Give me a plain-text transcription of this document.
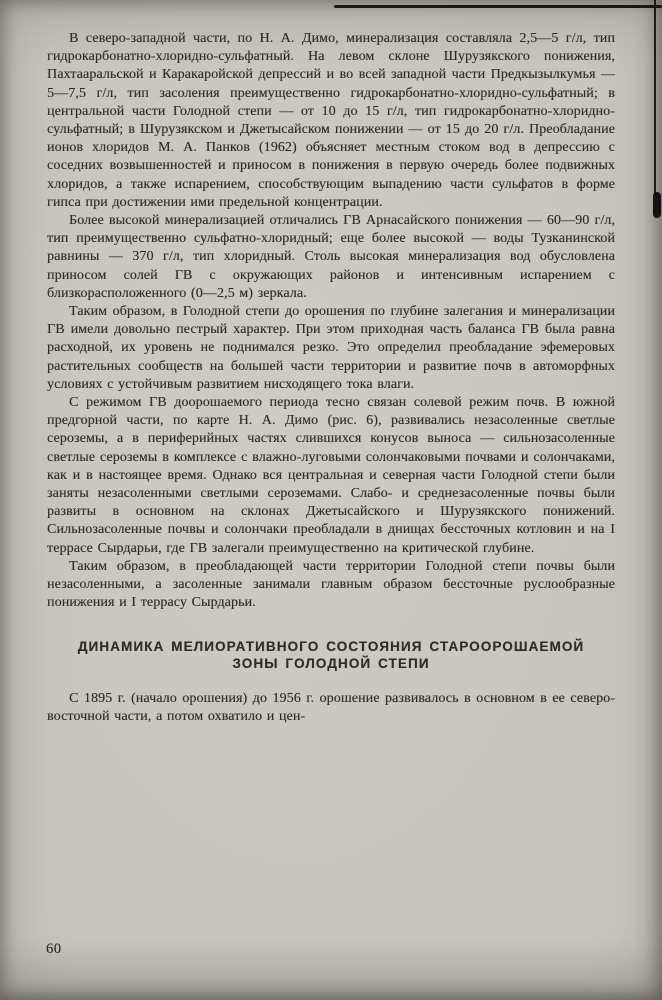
В северо-западной части, по Н. А. Димо, минерализация составляла 2,5—5 г/л, тип гидрокарбонатно-хлоридно-сульфатный. На левом склоне Шурузякского понижения, Пахтааральской и Каракаройской депрессий и во всей западной части Предкызылкумья — 5—7,5 г/л, тип засоления преимущественно гидрокарбонатно-хлоридно-сульфатный; в центральной части Голодной степи — от 10 до 15 г/л, тип гидрокарбонатно-хлоридно-сульфатный; в Шурузякском и Джетысайском понижении — от 15 до 20 г/л. Преобладание ионов хлоридов М. А. Панков (1962) объясняет местным стоком вод в депрессию с соседних возвышенностей и приносом в понижения в первую очередь более подвижных хлоридов, а также испарением, способствующим выпадению части сульфатов в форме гипса при достижении ими предельной концентрации.

Более высокой минерализацией отличались ГВ Арнасайского понижения — 60—90 г/л, тип преимущественно сульфатно-хлоридный; еще более высокой — воды Тузканинской равнины — 370 г/л, тип хлоридный. Столь высокая минерализация вод обусловлена приносом солей ГВ с окружающих районов и интенсивным испарением с близкорасположенного (0—2,5 м) зеркала.

Таким образом, в Голодной степи до орошения по глубине залегания и минерализации ГВ имели довольно пестрый характер. При этом приходная часть баланса ГВ была равна расходной, их уровень не поднимался резко. Это определил преобладание эфемеровых растительных сообществ на большей части территории и развитие почв в автоморфных условиях с устойчивым развитием нисходящего тока влаги.

С режимом ГВ доорошаемого периода тесно связан солевой режим почв. В южной предгорной части, по карте Н. А. Димо (рис. 6), развивались незасоленные светлые сероземы, а в периферийных частях слившихся конусов выноса — сильнозасоленные светлые сероземы в комплексе с влажно-луговыми солончаковыми почвами и солончаками, как и в настоящее время. Однако вся центральная и северная части Голодной степи были заняты незасоленными светлыми сероземами. Слабо- и среднезасоленные почвы были развиты в основном на склонах Джетысайского и Шурузякского понижений. Сильнозасоленные почвы и солончаки преобладали в днищах бессточных котловин и на I террасе Сырдарьи, где ГВ залегали преимущественно на критической глубине.

Таким образом, в преобладающей части территории Голодной степи почвы были незасоленными, а засоленные занимали главным образом бессточные руслообразные понижения и I террасу Сырдарьи.

ДИНАМИКА МЕЛИОРАТИВНОГО СОСТОЯНИЯ СТАРООРОШАЕМОЙ
ЗОНЫ ГОЛОДНОЙ СТЕПИ

С 1895 г. (начало орошения) до 1956 г. орошение развивалось в основном в ее северо-восточной части, а потом охватило и цен-

60
